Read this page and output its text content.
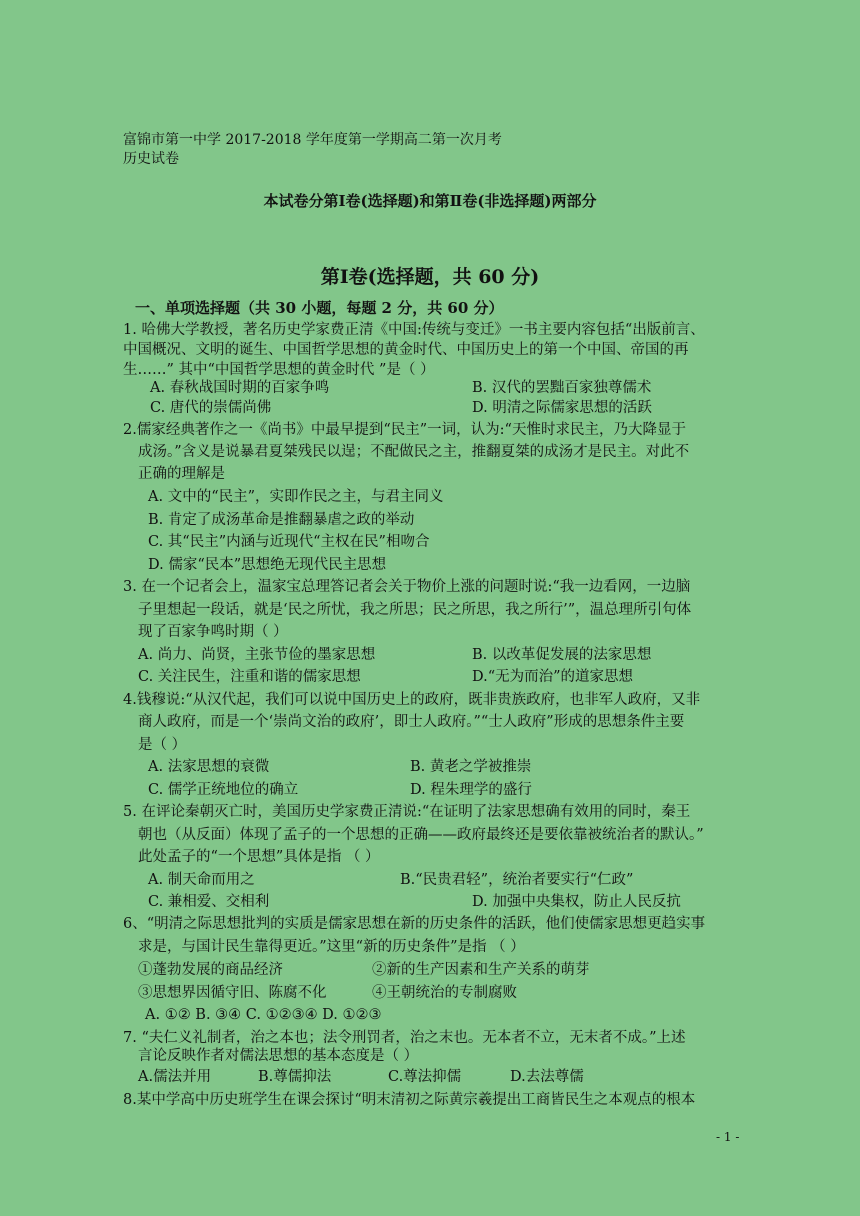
富锦市第一中学 2017-2018 学年度第一学期高二第一次月考
历史试卷
本试卷分第Ⅰ卷(选择题)和第Ⅱ卷(非选择题)两部分
第Ⅰ卷(选择题，共 60 分)
一、单项选择题（共 30 小题，每题 2 分，共 60 分）
1. 哈佛大学教授，著名历史学家费正清《中国:传统与变迁》一书主要内容包括“出版前言、
中国概况、文明的诞生、中国哲学思想的黄金时代、中国历史上的第一个中国、帝国的再
生……” 其中“中国哲学思想的黄金时代 ”是（ ）
A. 春秋战国时期的百家争鸣	B. 汉代的罢黜百家独尊儒术
C. 唐代的崇儒尚佛	D. 明清之际儒家思想的活跃
2.儒家经典著作之一《尚书》中最早提到“民主”一词，认为:“天惟时求民主，乃大降显于
成汤。”含义是说暴君夏桀残民以逞；不配做民之主，推翻夏桀的成汤才是民主。对此不
正确的理解是
A. 文中的“民主”，实即作民之主，与君主同义
B. 肯定了成汤革命是推翻暴虐之政的举动
C. 其“民主”内涵与近现代“主权在民”相吻合
D. 儒家“民本”思想绝无现代民主思想
3. 在一个记者会上，温家宝总理答记者会关于物价上涨的问题时说:“我一边看网，一边脑
子里想起一段话，就是‘民之所忧，我之所思；民之所思，我之所行’”，温总理所引句体
现了百家争鸣时期（ ）
A. 尚力、尚贤，主张节俭的墨家思想	B. 以改革促发展的法家思想
C. 关注民生，注重和谐的儒家思想	D.“无为而治”的道家思想
4.钱穆说:“从汉代起，我们可以说中国历史上的政府，既非贵族政府，也非军人政府，又非
商人政府，而是一个‘崇尚文治的政府’，即士人政府。”“士人政府”形成的思想条件主要
是（ ）
A. 法家思想的衰微	B. 黄老之学被推崇
C. 儒学正统地位的确立	D. 程朱理学的盛行
5. 在评论秦朝灭亡时，美国历史学家费正清说:“在证明了法家思想确有效用的同时，秦王
朝也（从反面）体现了孟子的一个思想的正确——政府最终还是要依靠被统治者的默认。”
此处孟子的“一个思想”具体是指 （ ）
A. 制天命而用之	B.“民贵君轻”，统治者要实行“仁政”
C. 兼相爱、交相利	D. 加强中央集权，防止人民反抗
6、“明清之际思想批判的实质是儒家思想在新的历史条件的活跃，他们使儒家思想更趋实事
求是，与国计民生靠得更近。”这里“新的历史条件”是指 （ ）
①蓬勃发展的商品经济	②新的生产因素和生产关系的萌芽
③思想界因循守旧、陈腐不化	④王朝统治的专制腐败
A. ①② B. ③④ C. ①②③④ D. ①②③
7. “夫仁义礼制者，治之本也；法令刑罚者，治之末也。无本者不立，无末者不成。”上述
言论反映作者对儒法思想的基本态度是（ ）
A.儒法并用	B.尊儒抑法	C.尊法抑儒	D.去法尊儒
8.某中学高中历史班学生在课会探讨“明末清初之际黄宗羲提出工商皆民生之本观点的根本
- 1 -
